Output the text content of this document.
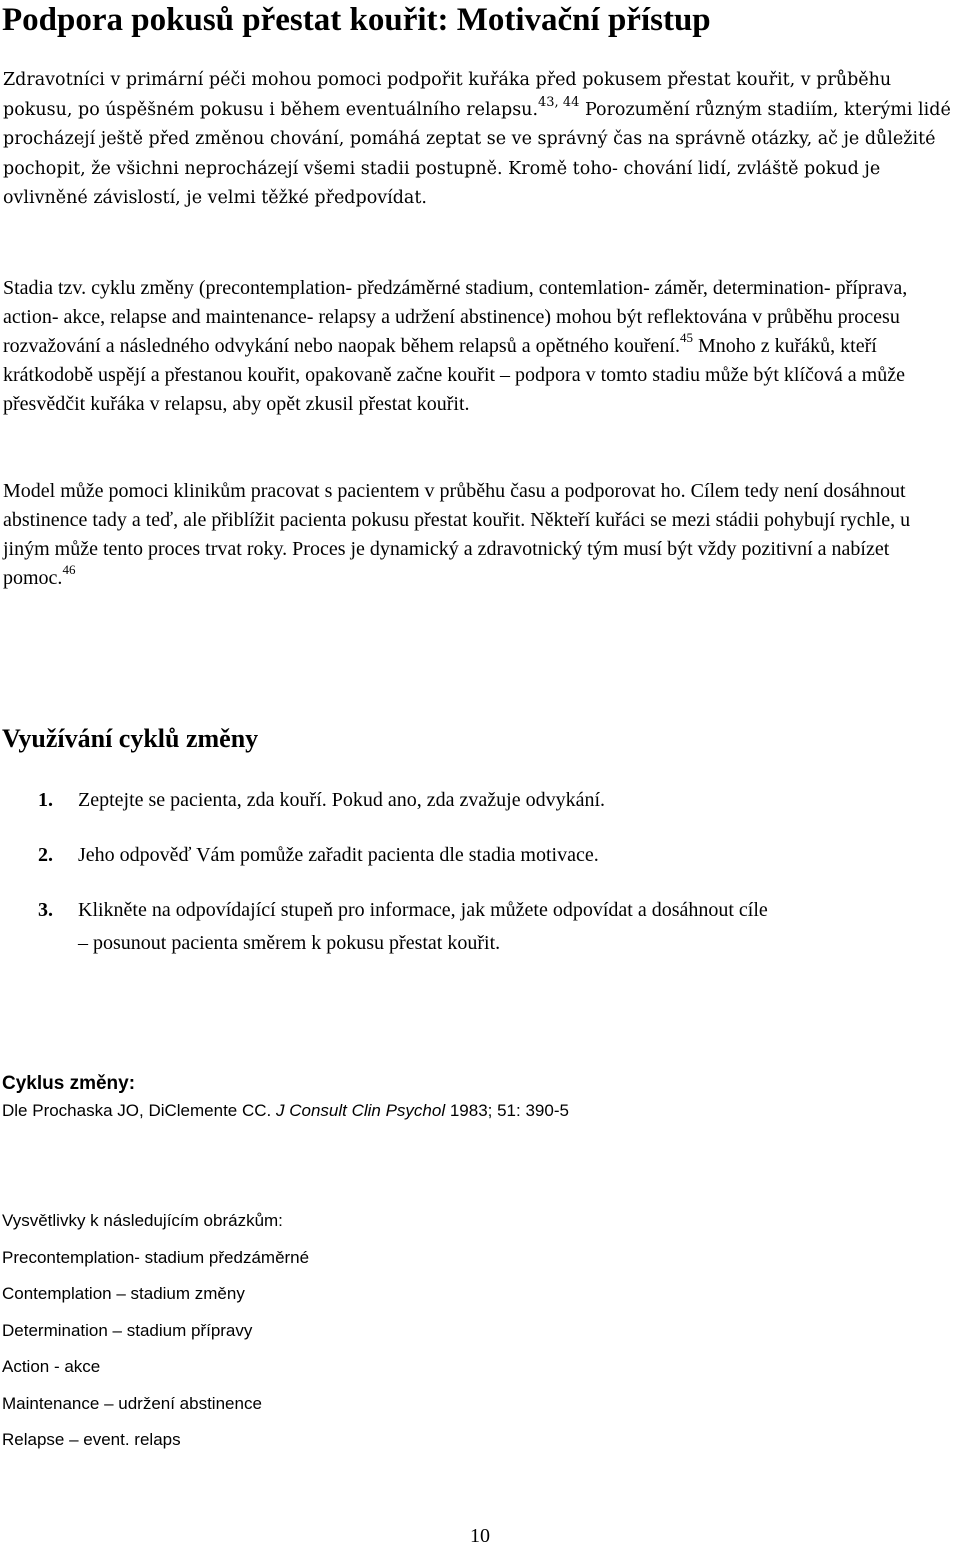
Podpora pokusů přestat kouřit: Motivační přístup

Zdravotníci v primární péči mohou pomoci podpořit kuřáka před pokusem přestat kouřit, v průběhu pokusu, po úspěšném pokusu i během eventuálního relapsu.$^{43, 44}$ Porozumění různým stadiím, kterými lidé procházejí ještě před změnou chování, pomáhá zeptat se ve správný čas na správně otázky, ač je důležité pochopit, že všichni neprocházejí všemi stadii postupně. Kromě toho- chování lidí, zvláště pokud je ovlivněné závislostí, je velmi těžké předpovídat.

Stadia tzv. cyklu změny (precontemplation- předzáměrné stadium, contemlation- záměr, determination- příprava, action- akce, relapse and maintenance- relapsy a udržení abstinence) mohou být reflektována v průběhu procesu rozvažování a následného odvykání nebo naopak během relapsů a opětného kouření.$^{45}$ Mnoho z kuřáků, kteří krátkodobě uspějí a přestanou kouřit, opakovaně začne kouřit – podpora v tomto stadiu může být klíčová a může přesvědčit kuřáka v relapsu, aby opět zkusil přestat kouřit.

Model může pomoci klinikům pracovat s pacientem v průběhu času a podporovat ho. Cílem tedy není dosáhnout abstinence tady a teď, ale přiblížit pacienta pokusu přestat kouřit. Někteří kuřáci se mezi stádii pohybují rychle, u jiným může tento proces trvat roky. Proces je dynamický a zdravotnický tým musí být vždy pozitivní a nabízet pomoc.$^{46}$

Využívání cyklů změny
1. Zeptejte se pacienta, zda kouří. Pokud ano, zda zvažuje odvykání.
2. Jeho odpověď Vám pomůže zařadit pacienta dle stadia motivace.
3. Klikněte na odpovídající stupeň pro informace, jak můžete odpovídat a dosáhnout cíle
– posunout pacienta směrem k pokusu přestat kouřit.
Cyklus změny:
Dle Prochaska JO, DiClemente CC. J Consult Clin Psychol 1983; 51: 390-5
Vysvětlivky k následujícím obrázkům:
Precontemplation- stadium předzáměrné
Contemplation – stadium změny
Determination – stadium přípravy
Action - akce
Maintenance – udržení abstinence
Relapse – event. relaps
10
